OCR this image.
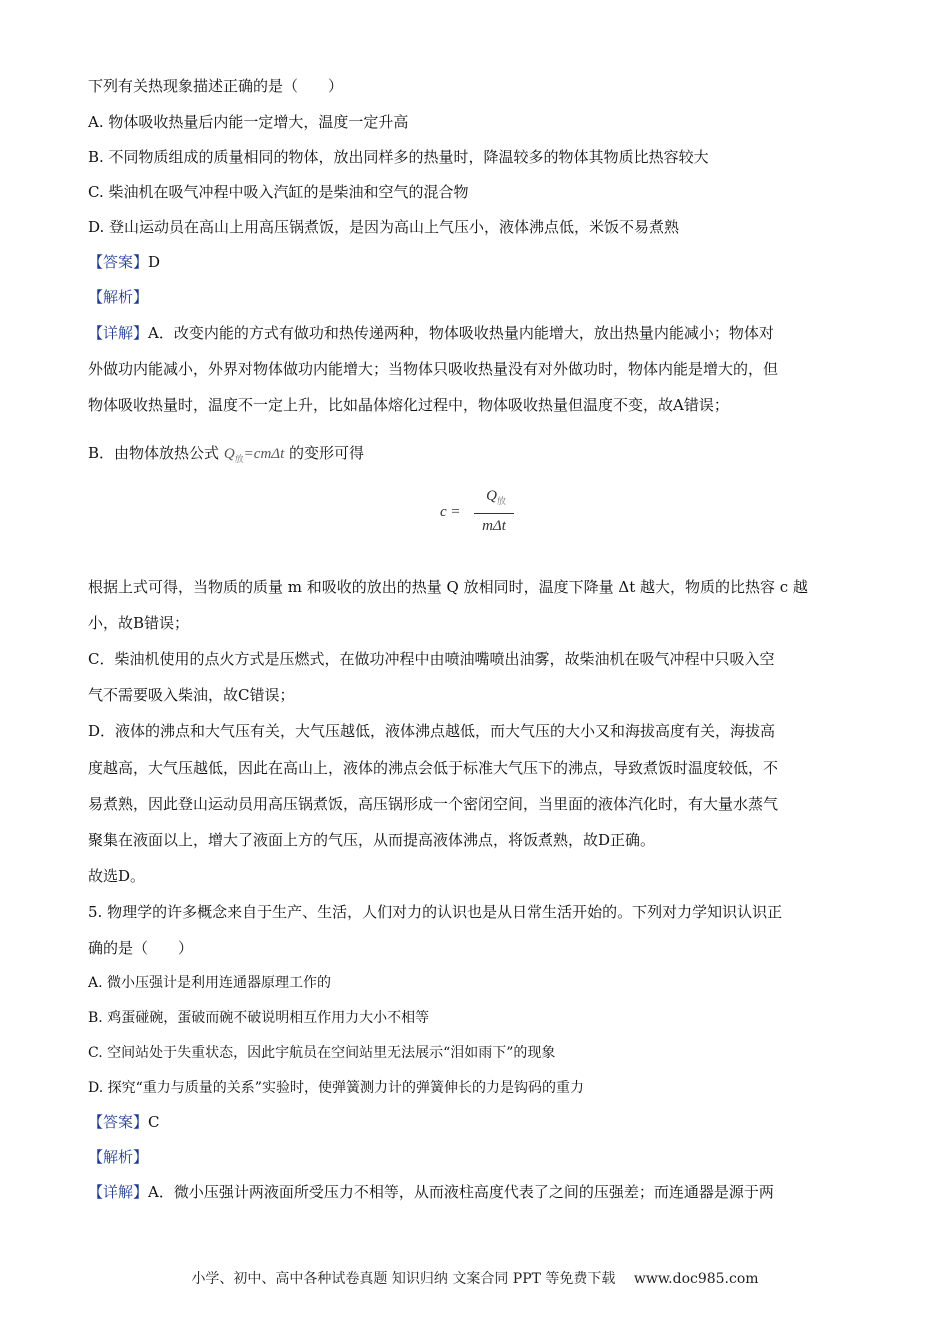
下列有关热现象描述正确的是（　　）
A. 物体吸收热量后内能一定增大，温度一定升高
B. 不同物质组成的质量相同的物体，放出同样多的热量时，降温较多的物体其物质比热容较大
C. 柴油机在吸气冲程中吸入汽缸的是柴油和空气的混合物
D. 登山运动员在高山上用高压锅煮饭，是因为高山上气压小，液体沸点低，米饭不易煮熟
【答案】D
【解析】
【详解】A．改变内能的方式有做功和热传递两种，物体吸收热量内能增大，放出热量内能减小；物体对
外做功内能减小，外界对物体做功内能增大；当物体只吸收热量没有对外做功时，物体内能是增大的，但
物体吸收热量时，温度不一定上升，比如晶体熔化过程中，物体吸收热量但温度不变，故A错误；
B．由物体放热公式 $Q_放=cm\Delta t$ 的变形可得
c =
$Q_放$
mΔt
根据上式可得，当物质的质量 m 和吸收的放出的热量 Q 放相同时，温度下降量 Δt 越大，物质的比热容 c 越
小，故B错误；
C．柴油机使用的点火方式是压燃式，在做功冲程中由喷油嘴喷出油雾，故柴油机在吸气冲程中只吸入空
气不需要吸入柴油，故C错误；
D．液体的沸点和大气压有关，大气压越低，液体沸点越低，而大气压的大小又和海拔高度有关，海拔高
度越高，大气压越低，因此在高山上，液体的沸点会低于标准大气压下的沸点，导致煮饭时温度较低，不
易煮熟，因此登山运动员用高压锅煮饭，高压锅形成一个密闭空间，当里面的液体汽化时，有大量水蒸气
聚集在液面以上，增大了液面上方的气压，从而提高液体沸点，将饭煮熟，故D正确。
故选D。
5. 物理学的许多概念来自于生产、生活，人们对力的认识也是从日常生活开始的。下列对力学知识认识正
确的是（　　）
A. 微小压强计是利用连通器原理工作的
B. 鸡蛋碰碗，蛋破而碗不破说明相互作用力大小不相等
C. 空间站处于失重状态，因此宇航员在空间站里无法展示“泪如雨下”的现象
D. 探究“重力与质量的关系”实验时，使弹簧测力计的弹簧伸长的力是钩码的重力
【答案】C
【解析】
【详解】A．微小压强计两液面所受压力不相等，从而液柱高度代表了之间的压强差；而连通器是源于两
小学、初中、高中各种试卷真题 知识归纳 文案合同 PPT 等免费下载　 www.doc985.com
